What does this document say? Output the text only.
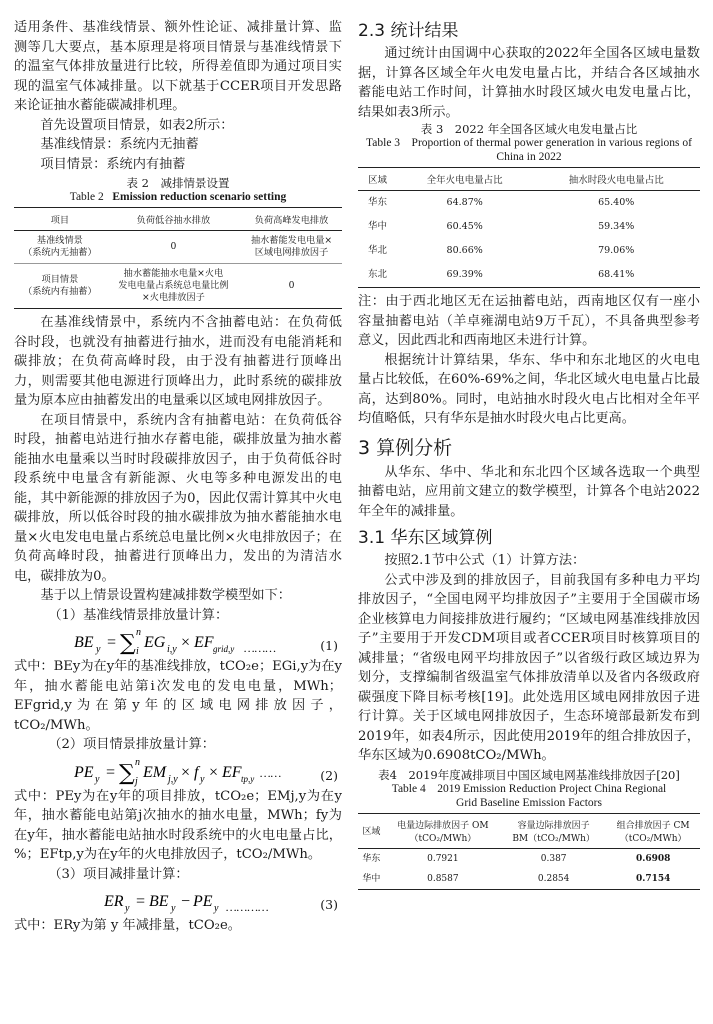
适用条件、基准线情景、额外性论证、减排量计算、监测等几大要点，基本原理是将项目情景与基准线情景下的温室气体排放量进行比较，所得差值即为通过项目实现的温室气体减排量。以下就基于CCER项目开发思路来论证抽水蓄能碳减排机理。

首先设置项目情景，如表2所示：

基准线情景：系统内无抽蓄

项目情景：系统内有抽蓄

表 2　减排情景设置
Table 2 Emission reduction scenario setting
项目	负荷低谷抽水排放	负荷高峰发电排放
基准线情景
（系统内无抽蓄）	0	抽水蓄能发电电量×
区域电网排放因子
项目情景
（系统内有抽蓄）	抽水蓄能抽水电量×火电
发电电量占系统总电量比例
×火电排放因子	0

在基准线情景中，系统内不含抽蓄电站：在负荷低谷时段，也就没有抽蓄进行抽水，进而没有电能消耗和碳排放；在负荷高峰时段，由于没有抽蓄进行顶峰出力，则需要其他电源进行顶峰出力，此时系统的碳排放量为原本应由抽蓄发出的电量乘以区域电网排放因子。

在项目情景中，系统内含有抽蓄电站：在负荷低谷时段，抽蓄电站进行抽水存蓄电能，碳排放量为抽水蓄能抽水电量乘以当时时段碳排放因子，由于负荷低谷时段系统中电量含有新能源、火电等多种电源发出的电能，其中新能源的排放因子为0，因此仅需计算其中火电碳排放，所以低谷时段的抽水碳排放为抽水蓄能抽水电量×火电发电电量占系统总电量比例×火电排放因子；在负荷高峰时段，抽蓄进行顶峰出力，发出的为清洁水电，碳排放为0。

基于以上情景设置构建减排数学模型如下：

（1）基准线情景排放量计算：

BE y = ∑ n
i
EG i,y × EF grid,y ………	(1)

式中：BEy为在y年的基准线排放，tCO₂e；EGi,y为在y年，抽水蓄能电站第i次发电的发电电量，MWh；EFgrid,y为在第y年的区域电网排放因子，tCO₂/MWh。

（2）项目情景排放量计算：

PE y = ∑ n
j
EM j,y × f y × EF tp,y ……	(2)

式中：PEy为在y年的项目排放，tCO₂e；EMj,y为在y年，抽水蓄能电站第j次抽水的抽水电量，MWh；fy为在y年，抽水蓄能电站抽水时段系统中的火电电量占比，%；EFtp,y为在y年的火电排放因子，tCO₂/MWh。

（3）项目减排量计算：

ER y = BE y − PE y …………	(3)

式中：ERy为第 y 年减排量，tCO₂e。

2.3 统计结果

通过统计由国调中心获取的2022年全国各区域电量数据，计算各区域全年火电发电量占比，并结合各区域抽水蓄能电站工作时间，计算抽水时段区域火电发电量占比，结果如表3所示。

表 3　2022 年全国各区域火电发电量占比
Table 3　Proportion of thermal power generation in various regions of China in 2022
区域	全年火电电量占比	抽水时段火电电量占比
华东	64.87%	65.40%
华中	60.45%	59.34%
华北	80.66%	79.06%
东北	69.39%	68.41%

注：由于西北地区无在运抽蓄电站，西南地区仅有一座小容量抽蓄电站（羊卓雍湖电站9万千瓦），不具备典型参考意义，因此西北和西南地区未进行计算。

根据统计计算结果，华东、华中和东北地区的火电电量占比较低，在60%-69%之间，华北区域火电电量占比最高，达到80%。同时，电站抽水时段火电占比相对全年平均值略低，只有华东是抽水时段火电占比更高。

3 算例分析

从华东、华中、华北和东北四个区域各选取一个典型抽蓄电站，应用前文建立的数学模型，计算各个电站2022年全年的减排量。

3.1 华东区域算例

按照2.1节中公式（1）计算方法：

公式中涉及到的排放因子，目前我国有多种电力平均排放因子，“全国电网平均排放因子”主要用于全国碳市场企业核算电力间接排放进行履约；“区域电网基准线排放因子”主要用于开发CDM项目或者CCER项目时核算项目的减排量；“省级电网平均排放因子”以省级行政区域边界为划分，支撑编制省级温室气体排放清单以及省内各级政府碳强度下降目标考核[19]。此处选用区域电网排放因子进行计算。关于区域电网排放因子，生态环境部最新发布到2019年，如表4所示，因此使用2019年的组合排放因子，华东区域为0.6908tCO₂/MWh。

表4　2019年度减排项目中国区域电网基准线排放因子[20]
Table 4　2019 Emission Reduction Project China Regional
Grid Baseline Emission Factors
区域	电量边际排放因子 OM
（tCO₂/MWh）	容量边际排放因子
BM（tCO₂/MWh）	组合排放因子 CM
（tCO₂/MWh）
华东	0.7921	0.387	0.6908
华中	0.8587	0.2854	0.7154
